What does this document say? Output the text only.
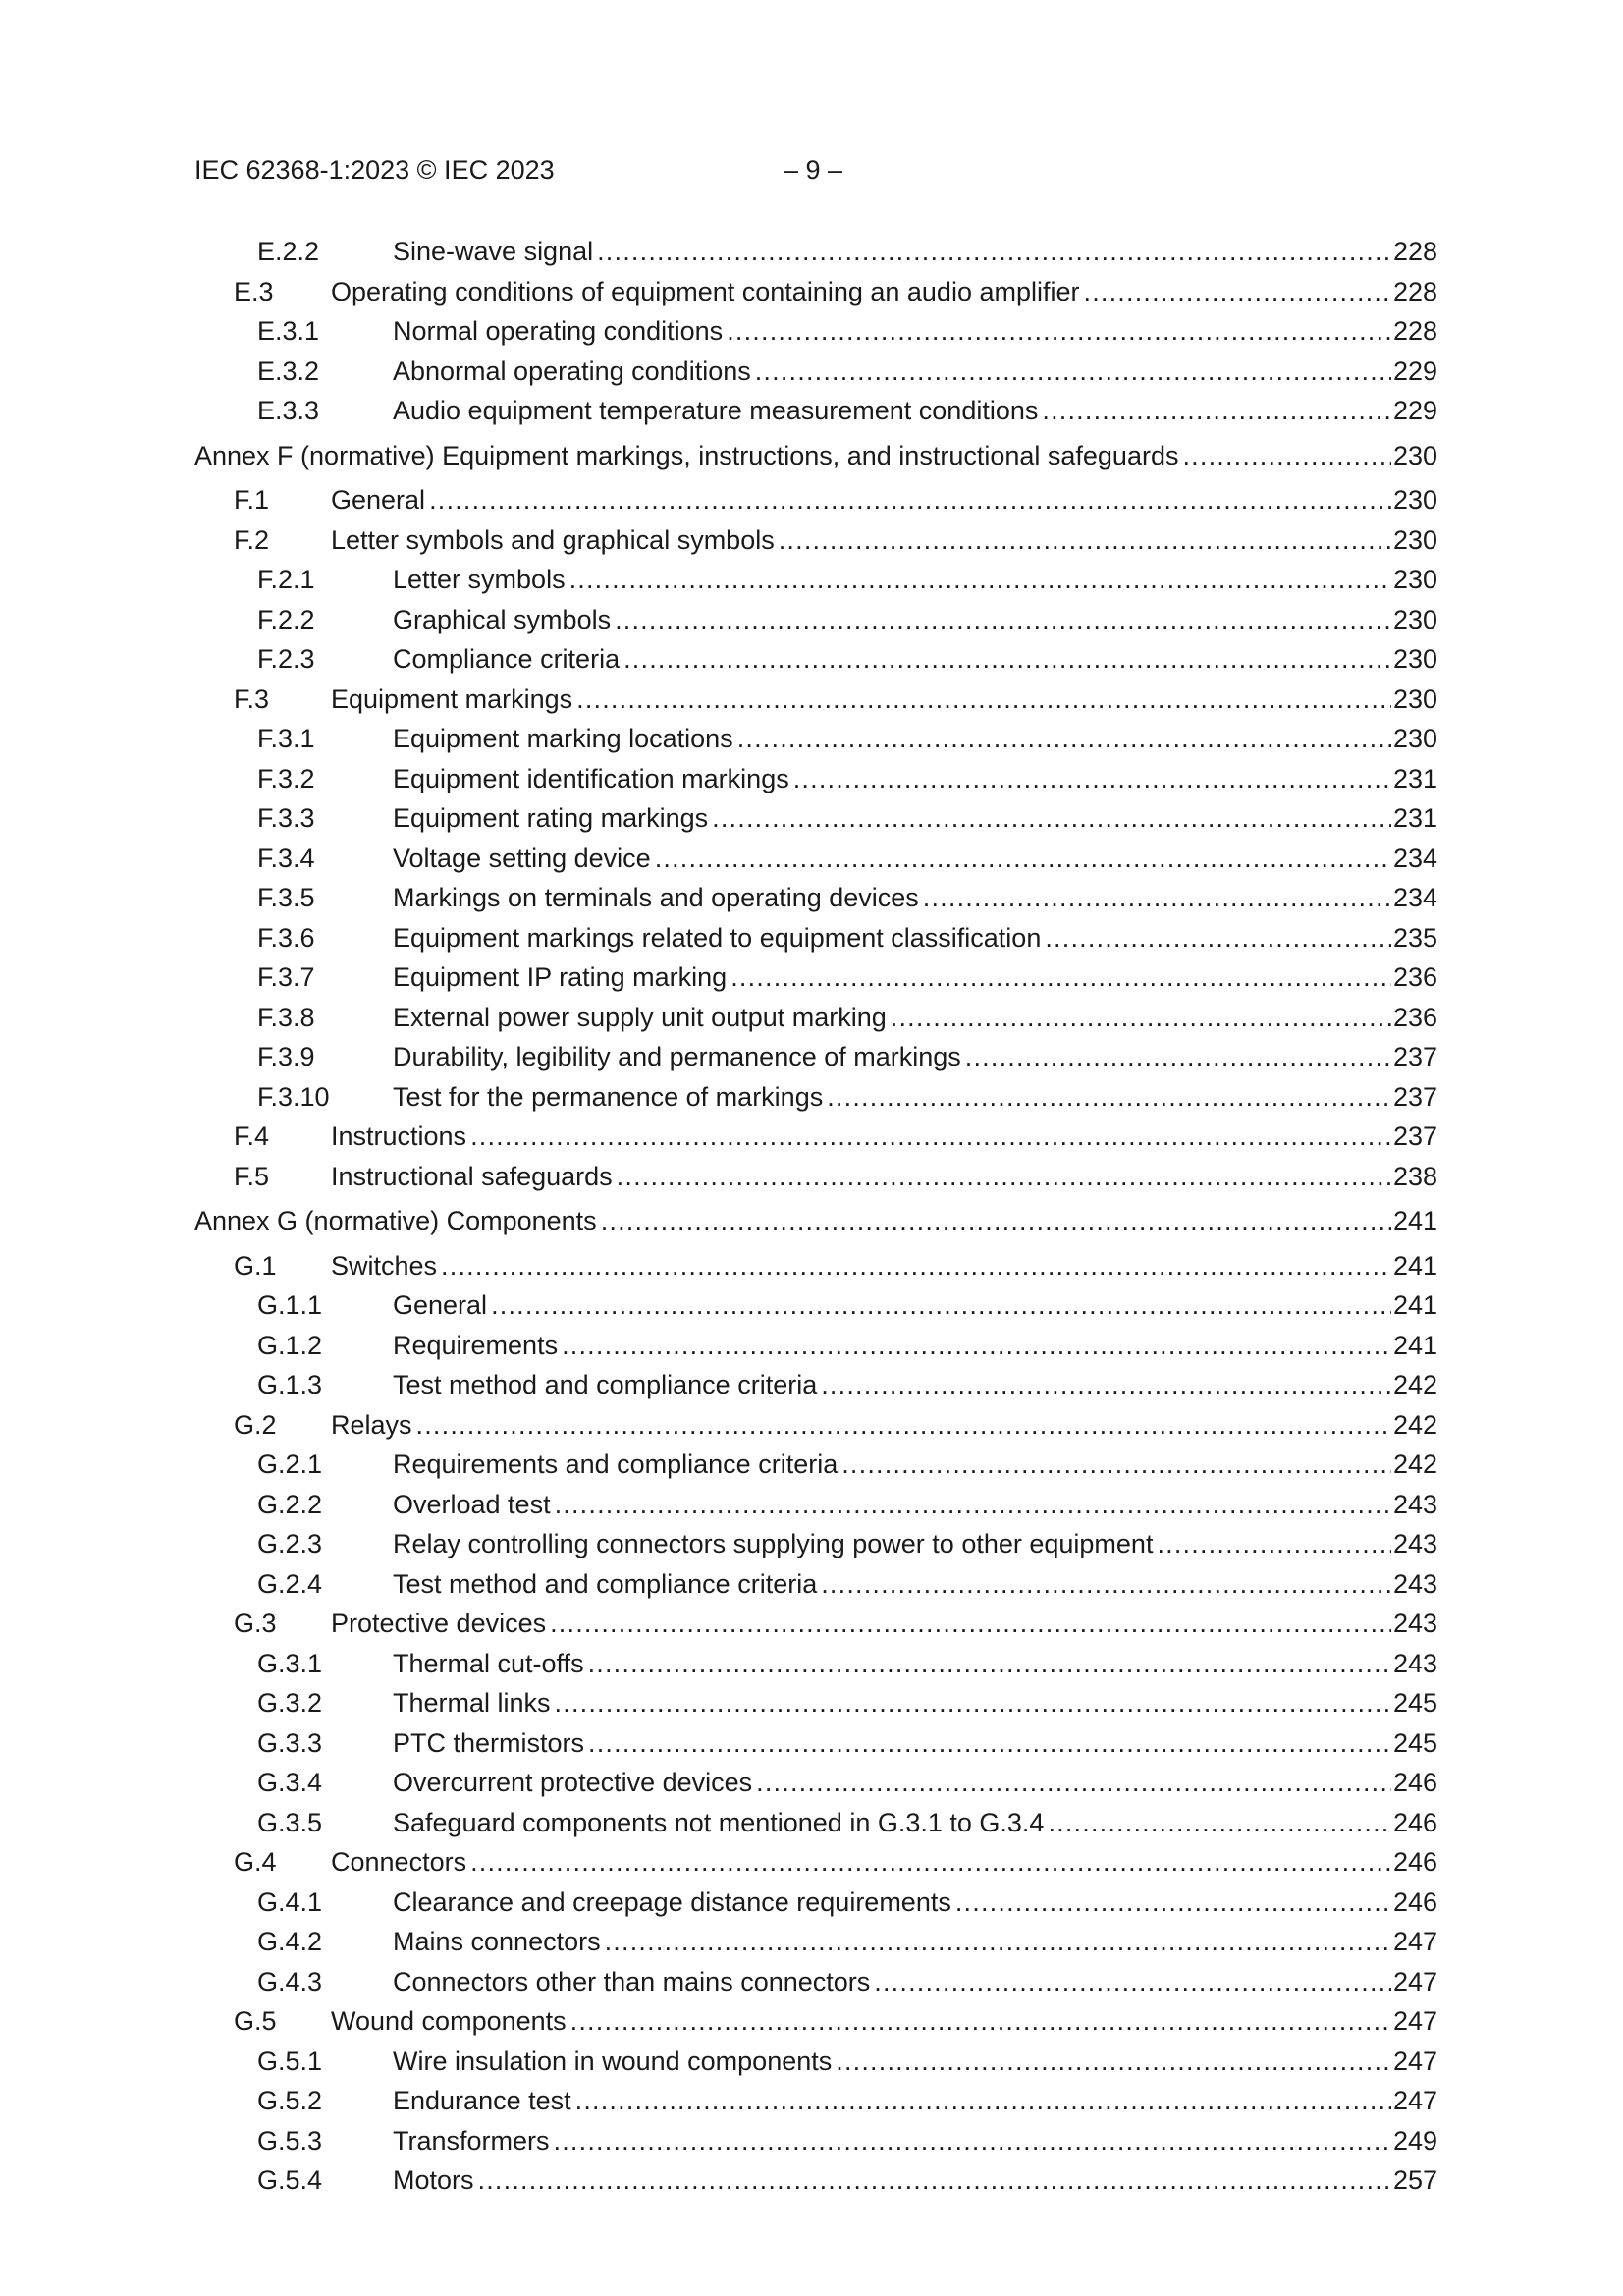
IEC 62368-1:2023 © IEC 2023	– 9 –
E.2.2	Sine-wave signal .....	228
E.3 Operating conditions of equipment containing an audio amplifier .....	228
E.3.1	Normal operating conditions .....	228
E.3.2	Abnormal operating conditions .....	229
E.3.3	Audio equipment temperature measurement conditions .....	229
Annex F (normative) Equipment markings, instructions, and instructional safeguards .....	230
F.1 General .....	230
F.2 Letter symbols and graphical symbols .....	230
F.2.1	Letter symbols .....	230
F.2.2	Graphical symbols .....	230
F.2.3	Compliance criteria .....	230
F.3 Equipment markings .....	230
F.3.1	Equipment marking locations .....	230
F.3.2	Equipment identification markings .....	231
F.3.3	Equipment rating markings .....	231
F.3.4	Voltage setting device .....	234
F.3.5	Markings on terminals and operating devices .....	234
F.3.6	Equipment markings related to equipment classification .....	235
F.3.7	Equipment IP rating marking .....	236
F.3.8	External power supply unit output marking .....	236
F.3.9	Durability, legibility and permanence of markings .....	237
F.3.10 Test for the permanence of markings .....	237
F.4 Instructions .....	237
F.5 Instructional safeguards .....	238
Annex G (normative) Components .....	241
G.1 Switches .....	241
G.1.1	General .....	241
G.1.2	Requirements .....	241
G.1.3	Test method and compliance criteria .....	242
G.2 Relays .....	242
G.2.1	Requirements and compliance criteria .....	242
G.2.2	Overload test .....	243
G.2.3	Relay controlling connectors supplying power to other equipment .....	243
G.2.4	Test method and compliance criteria .....	243
G.3 Protective devices .....	243
G.3.1	Thermal cut-offs .....	243
G.3.2	Thermal links .....	245
G.3.3	PTC thermistors .....	245
G.3.4	Overcurrent protective devices .....	246
G.3.5	Safeguard components not mentioned in G.3.1 to G.3.4 .....	246
G.4 Connectors .....	246
G.4.1	Clearance and creepage distance requirements .....	246
G.4.2	Mains connectors .....	247
G.4.3	Connectors other than mains connectors .....	247
G.5 Wound components .....	247
G.5.1	Wire insulation in wound components .....	247
G.5.2	Endurance test .....	247
G.5.3	Transformers .....	249
G.5.4	Motors .....	257
